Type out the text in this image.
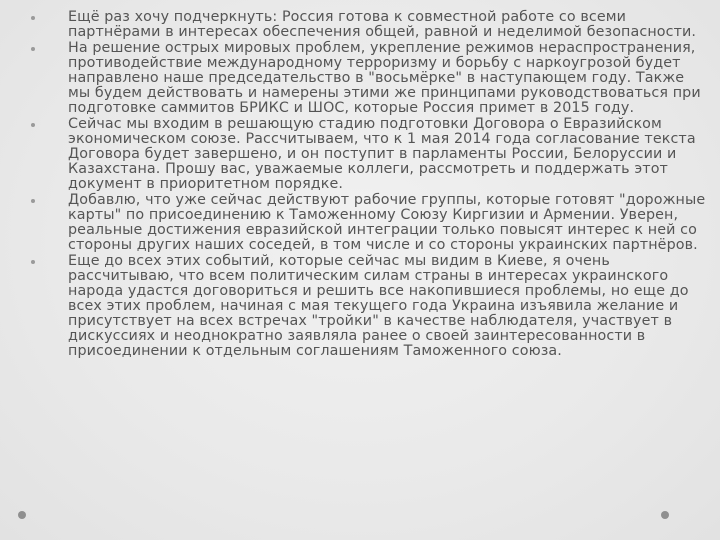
Ещё раз хочу подчеркнуть: Россия готова к совместной работе со всеми партнёрами в интересах обеспечения общей, равной и неделимой безопасности.
На решение острых мировых проблем, укрепление режимов нераспространения, противодействие международному терроризму и борьбу с наркоугрозой будет направлено наше председательство в "восьмёрке" в наступающем году. Также мы будем действовать и намерены этими же принципами руководствоваться при подготовке саммитов БРИКС и ШОС, которые Россия примет в 2015 году.
Сейчас мы входим в решающую стадию подготовки Договора о Евразийском экономическом союзе. Рассчитываем, что к 1 мая 2014 года согласование текста Договора будет завершено, и он поступит в парламенты России, Белоруссии и Казахстана. Прошу вас, уважаемые коллеги, рассмотреть и поддержать этот документ в приоритетном порядке.
Добавлю, что уже сейчас действуют рабочие группы, которые готовят "дорожные карты" по присоединению к Таможенному Союзу Киргизии и Армении. Уверен, реальные достижения евразийской интеграции только повысят интерес к ней со стороны других наших соседей, в том числе и со стороны украинских партнёров.
Еще до всех этих событий, которые сейчас мы видим в Киеве, я очень рассчитываю, что всем политическим силам страны в интересах украинского народа удастся договориться и решить все накопившиеся проблемы, но еще до всех этих проблем, начиная с мая текущего года Украина изъявила желание и присутствует на всех встречах "тройки" в качестве наблюдателя, участвует в дискуссиях и неоднократно заявляла ранее о своей заинтересованности в присоединении к отдельным соглашениям Таможенного союза.
